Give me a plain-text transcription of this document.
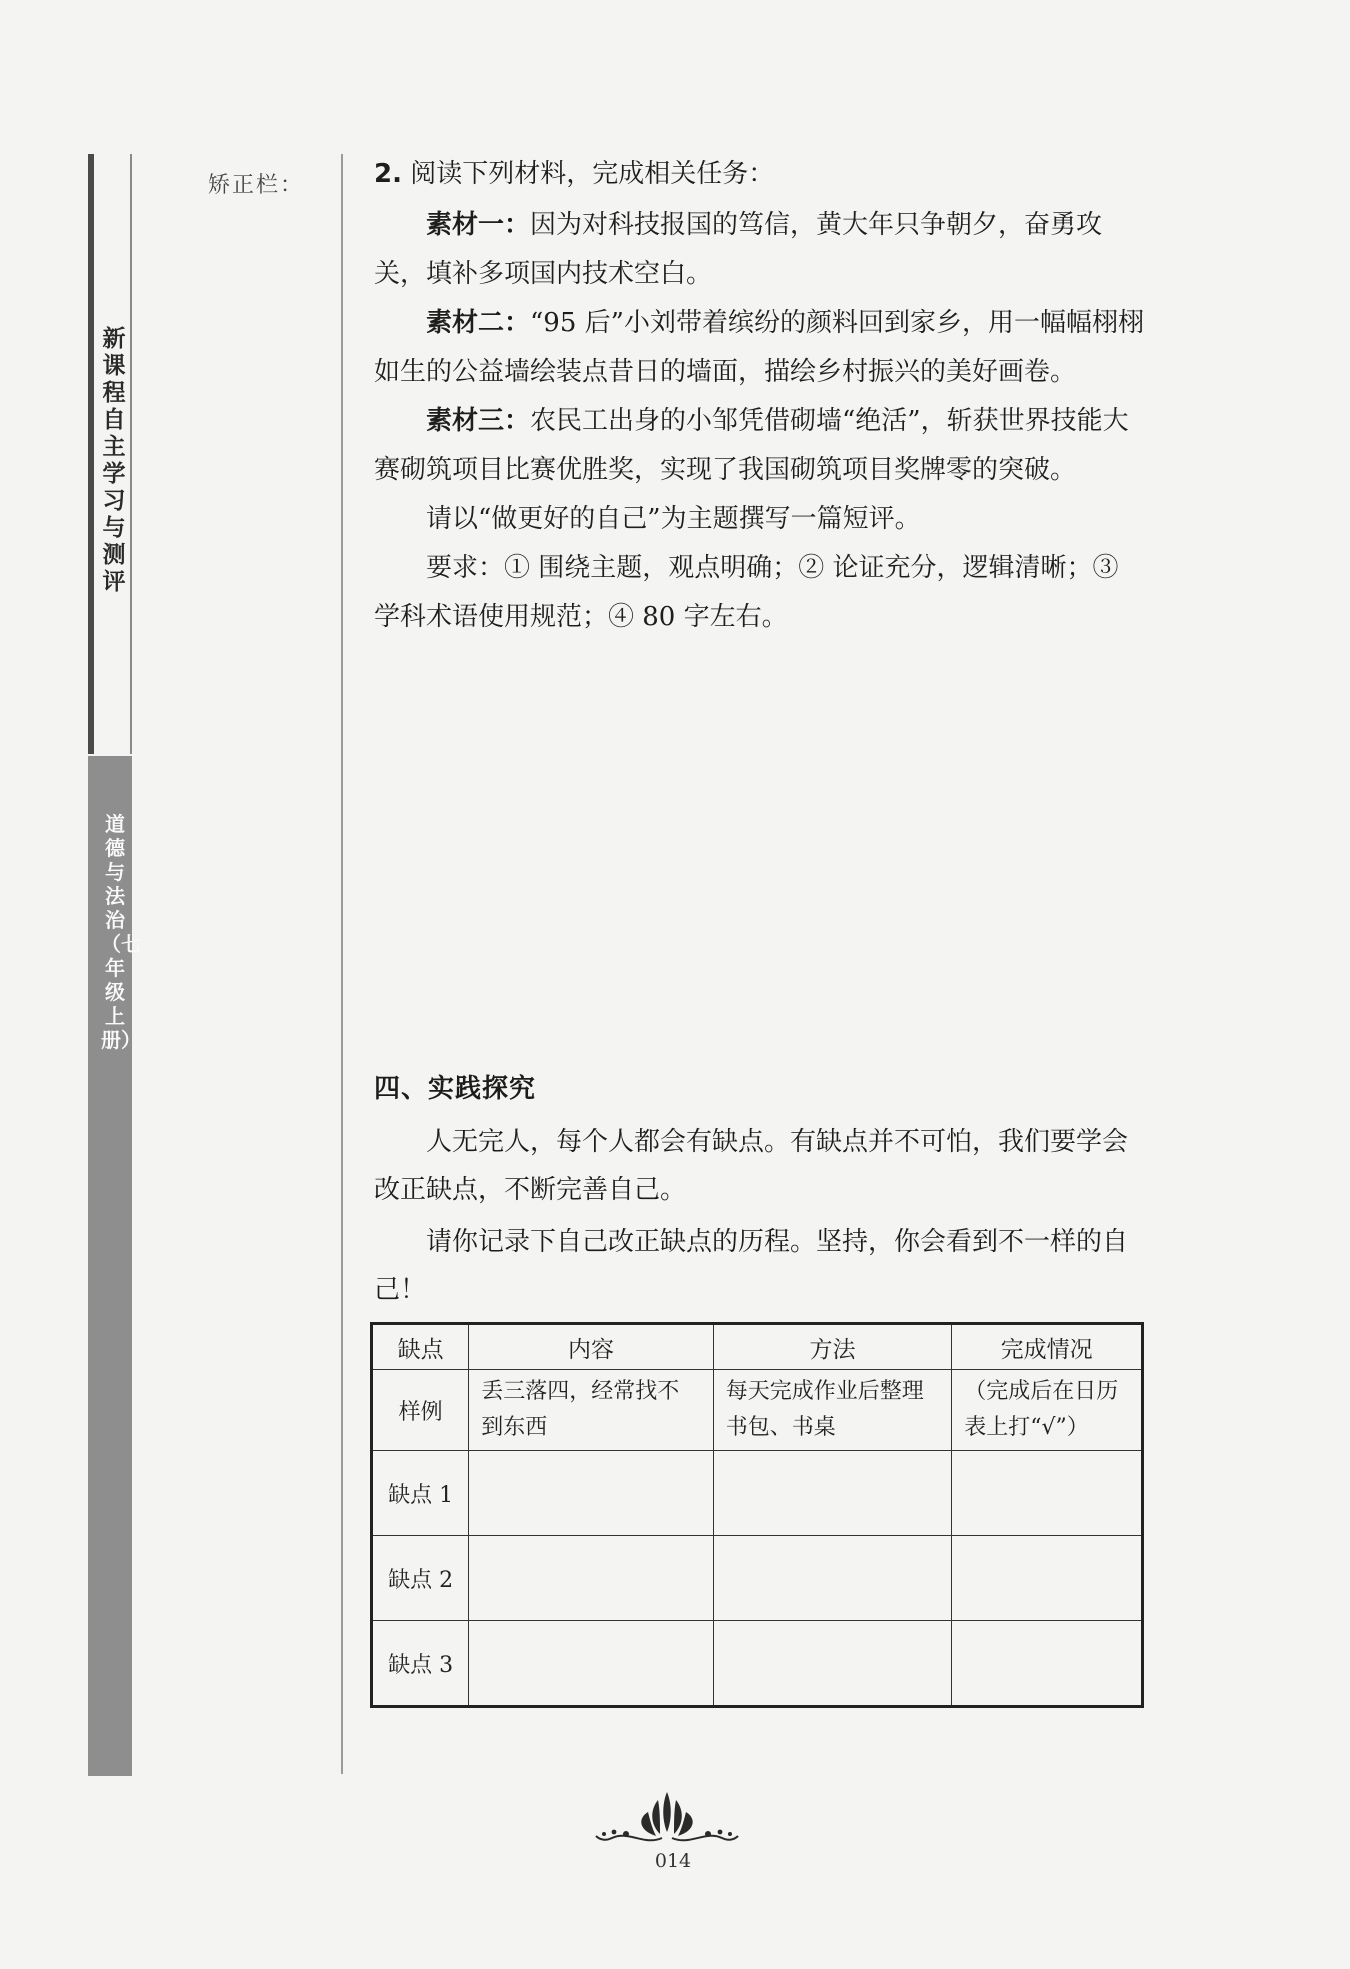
新课程自主学习与测评
道德与法治（七年级上册）
矫正栏：	2. 阅读下列材料，完成相关任务：

素材一：因为对科技报国的笃信，黄大年只争朝夕，奋勇攻关，填补多项国内技术空白。

素材二：“95 后”小刘带着缤纷的颜料回到家乡，用一幅幅栩栩如生的公益墙绘装点昔日的墙面，描绘乡村振兴的美好画卷。

素材三：农民工出身的小邹凭借砌墙“绝活”，斩获世界技能大赛砌筑项目比赛优胜奖，实现了我国砌筑项目奖牌零的突破。

请以“做更好的自己”为主题撰写一篇短评。

要求：① 围绕主题，观点明确；② 论证充分，逻辑清晰；③ 学科术语使用规范；④ 80 字左右。

四、实践探究

人无完人，每个人都会有缺点。有缺点并不可怕，我们要学会改正缺点，不断完善自己。

请你记录下自己改正缺点的历程。坚持，你会看到不一样的自己！

缺点	内容	方法	完成情况
样例	丢三落四，经常找不到东西	每天完成作业后整理书包、书桌	（完成后在日历表上打“√”）
缺点 1			
缺点 2			
缺点 3			
014
